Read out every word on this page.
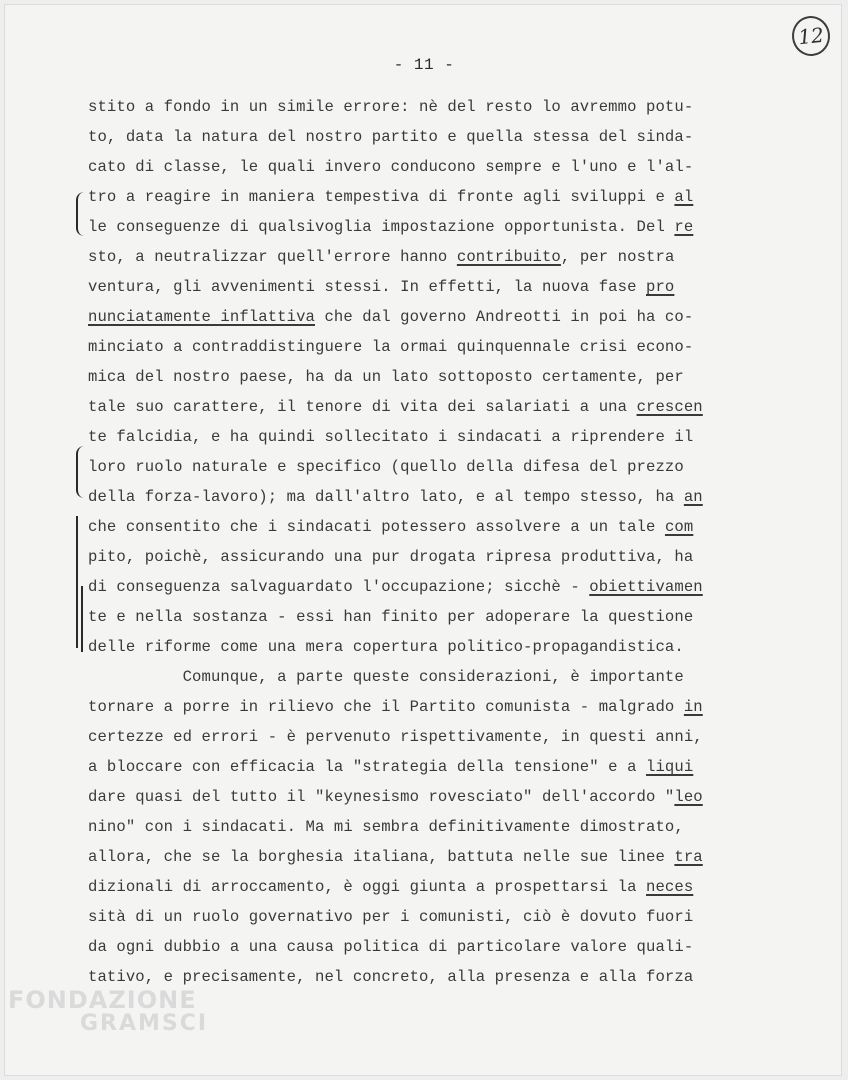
12
- 11 -
stito a fondo in un simile errore: nè del resto lo avremmo potu-
to, data la natura del nostro partito e quella stessa del sinda-
cato di classe, le quali invero conducono sempre e l'uno e l'al-
tro a reagire in maniera tempestiva di fronte agli sviluppi e al
le conseguenze di qualsivoglia impostazione opportunista. Del re
sto, a neutralizzar quell'errore hanno contribuito, per nostra
ventura, gli avvenimenti stessi. In effetti, la nuova fase pro
nunciatamente inflattiva che dal governo Andreotti in poi ha co-
minciato a contraddistinguere la ormai quinquennale crisi econo-
mica del nostro paese, ha da un lato sottoposto certamente, per
tale suo carattere, il tenore di vita dei salariati a una crescen
te falcidia, e ha quindi sollecitato i sindacati a riprendere il
loro ruolo naturale e specifico (quello della difesa del prezzo
della forza-lavoro); ma dall'altro lato, e al tempo stesso, ha an
che consentito che i sindacati potessero assolvere a un tale com
pito, poichè, assicurando una pur drogata ripresa produttiva, ha
di conseguenza salvaguardato l'occupazione; sicchè - obiettivamen
te e nella sostanza - essi han finito per adoperare la questione
delle riforme come una mera copertura politico-propagandistica.
Comunque, a parte queste considerazioni, è importante
tornare a porre in rilievo che il Partito comunista - malgrado in
certezze ed errori - è pervenuto rispettivamente, in questi anni,
a bloccare con efficacia la "strategia della tensione" e a liqui
dare quasi del tutto il "keynesismo rovesciato" dell'accordo "leo
nino" con i sindacati. Ma mi sembra definitivamente dimostrato,
allora, che se la borghesia italiana, battuta nelle sue linee tra
dizionali di arroccamento, è oggi giunta a prospettarsi la neces
sità di un ruolo governativo per i comunisti, ciò è dovuto fuori
da ogni dubbio a una causa politica di particolare valore quali-
tativo, e precisamente, nel concreto, alla presenza e alla forza
FONDAZIONE
GRAMSCI
